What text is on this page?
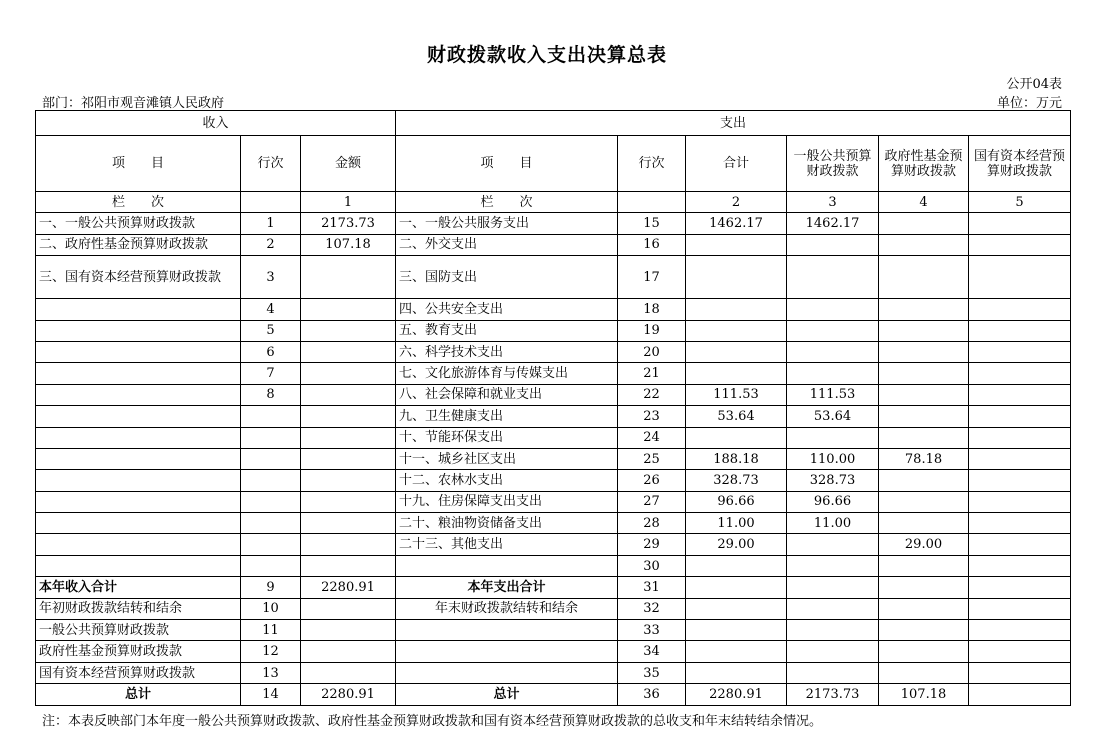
财政拨款收入支出决算总表
公开04表
部门：祁阳市观音滩镇人民政府	单位：万元
收入			支出					
项　　目	行次	金额	项　　目	行次	合计	一般公共预算财政拨款	政府性基金预算财政拨款	国有资本经营预算财政拨款
栏　　次		1	栏　　次		2	3	4	5
一、一般公共预算财政拨款	1	2173.73	一、一般公共服务支出	15	1462.17	1462.17		
二、政府性基金预算财政拨款	2	107.18	二、外交支出	16				
三、国有资本经营预算财政拨款	3		三、国防支出	17				
	4		四、公共安全支出	18				
	5		五、教育支出	19				
	6		六、科学技术支出	20				
	7		七、文化旅游体育与传媒支出	21				
	8		八、社会保障和就业支出	22	111.53	111.53		
			九、卫生健康支出	23	53.64	53.64		
			十、节能环保支出	24				
			十一、城乡社区支出	25	188.18	110.00	78.18	
			十二、农林水支出	26	328.73	328.73		
			十九、住房保障支出支出	27	96.66	96.66		
			二十、粮油物资储备支出	28	11.00	11.00		
			二十三、其他支出	29	29.00		29.00	
				30				
本年收入合计	9	2280.91	本年支出合计	31				
年初财政拨款结转和结余	10		年末财政拨款结转和结余	32				
一般公共预算财政拨款	11			33				
政府性基金预算财政拨款	12			34				
国有资本经营预算财政拨款	13			35				
总计	14	2280.91	总计	36	2280.91	2173.73	107.18	
注：本表反映部门本年度一般公共预算财政拨款、政府性基金预算财政拨款和国有资本经营预算财政拨款的总收支和年末结转结余情况。
